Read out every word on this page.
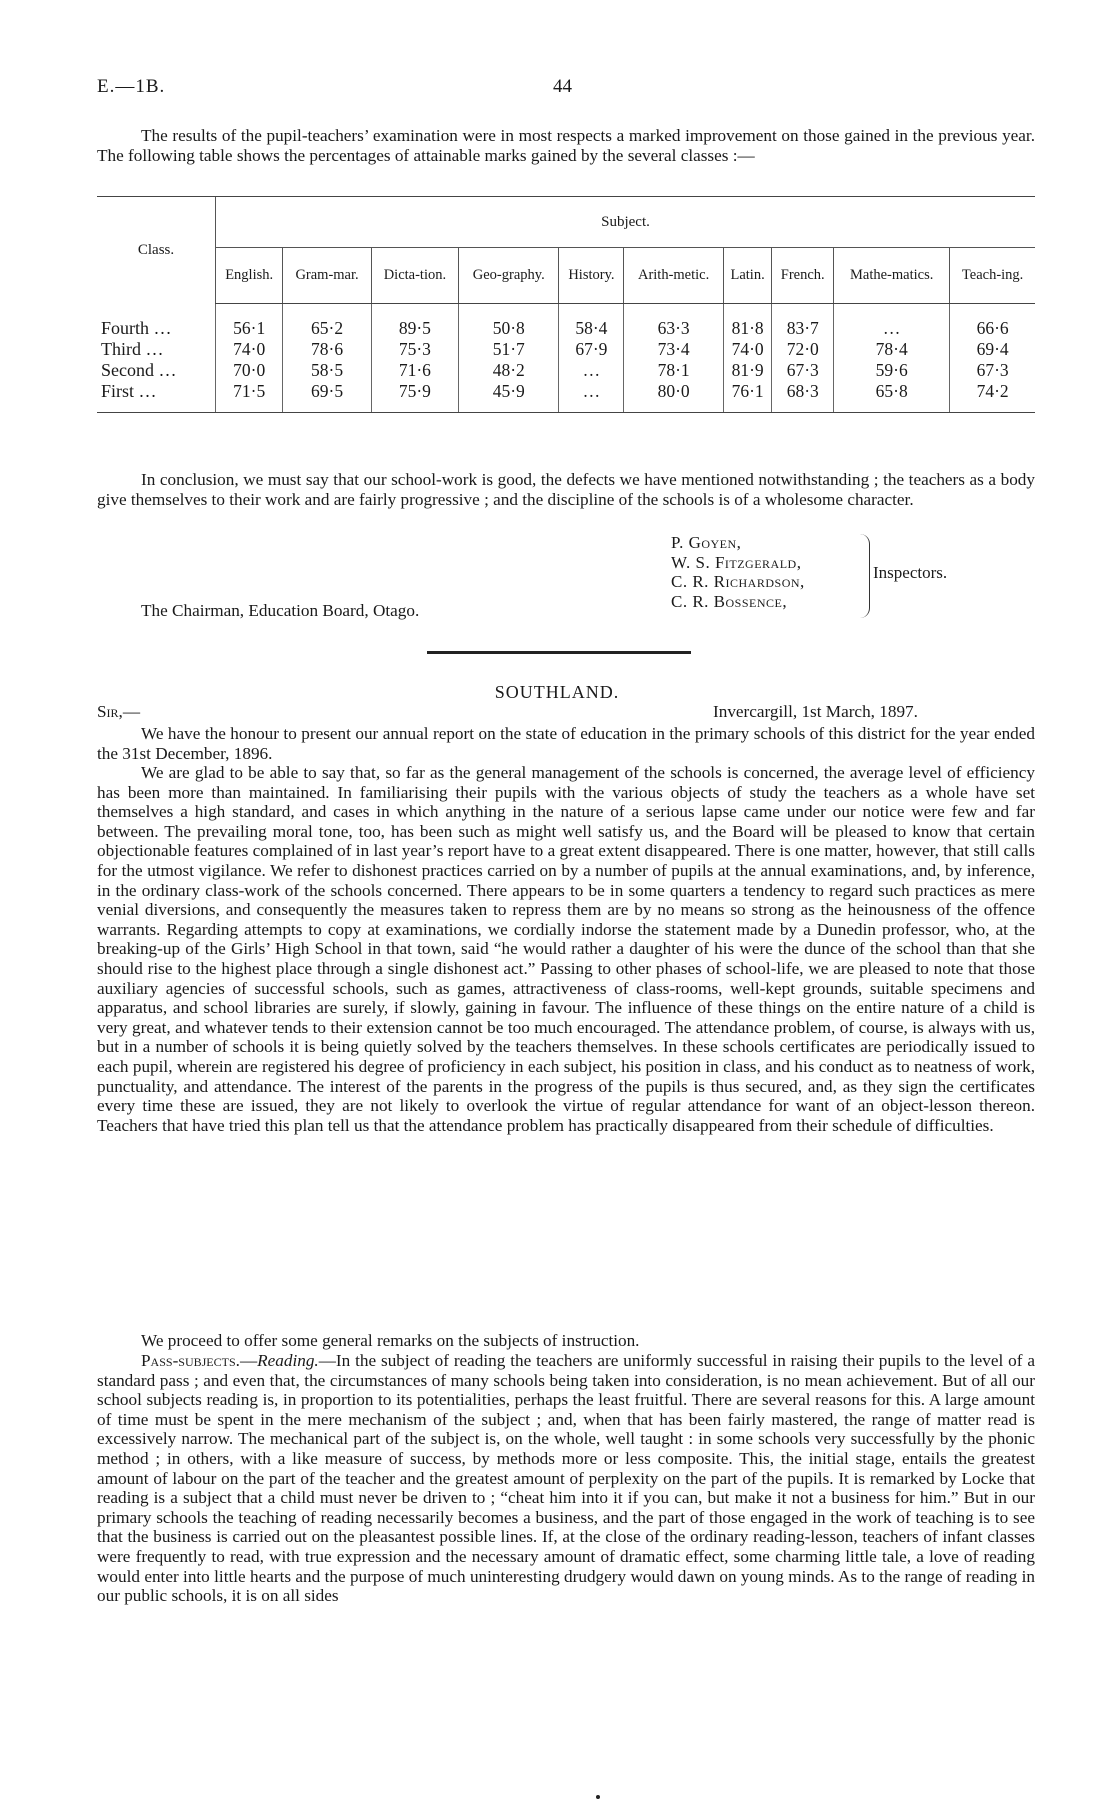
E.—1B.	44

The results of the pupil-teachers’ examination were in most respects a marked improvement on those gained in the previous year. The following table shows the percentages of attainable marks gained by the several classes :—

Class.	Subject.									
	English.	Gram-mar.	Dicta-tion.	Geo-graphy.	History.	Arith-metic.	Latin.	French.	Mathe-matics.	Teach-ing.
Fourth …	56·1	65·2	89·5	50·8	58·4	63·3	81·8	83·7	…	66·6
Third …	74·0	78·6	75·3	51·7	67·9	73·4	74·0	72·0	78·4	69·4
Second …	70·0	58·5	71·6	48·2	…	78·1	81·9	67·3	59·6	67·3
First …	71·5	69·5	75·9	45·9	…	80·0	76·1	68·3	65·8	74·2

In conclusion, we must say that our school-work is good, the defects we have mentioned notwithstanding ; the teachers as a body give themselves to their work and are fairly progressive ; and the discipline of the schools is of a wholesome character.

P. Goyen,
W. S. Fitzgerald,
C. R. Richardson,
C. R. Bossence,
Inspectors.
The Chairman, Education Board, Otago.
SOUTHLAND.
Sir,—	Invercargill, 1st March, 1897.

We have the honour to present our annual report on the state of education in the primary schools of this district for the year ended the 31st December, 1896.

We are glad to be able to say that, so far as the general management of the schools is concerned, the average level of efficiency has been more than maintained. In familiarising their pupils with the various objects of study the teachers as a whole have set themselves a high standard, and cases in which anything in the nature of a serious lapse came under our notice were few and far between. The prevailing moral tone, too, has been such as might well satisfy us, and the Board will be pleased to know that certain objectionable features complained of in last year’s report have to a great extent disappeared. There is one matter, however, that still calls for the utmost vigilance. We refer to dishonest practices carried on by a number of pupils at the annual examinations, and, by inference, in the ordinary class-work of the schools concerned. There appears to be in some quarters a tendency to regard such practices as mere venial diversions, and consequently the measures taken to repress them are by no means so strong as the heinousness of the offence warrants. Regarding attempts to copy at examinations, we cordially indorse the statement made by a Dunedin professor, who, at the breaking-up of the Girls’ High School in that town, said “he would rather a daughter of his were the dunce of the school than that she should rise to the highest place through a single dishonest act.” Passing to other phases of school-life, we are pleased to note that those auxiliary agencies of successful schools, such as games, attractiveness of class-rooms, well-kept grounds, suitable specimens and apparatus, and school libraries are surely, if slowly, gaining in favour. The influence of these things on the entire nature of a child is very great, and whatever tends to their extension cannot be too much encouraged. The attendance problem, of course, is always with us, but in a number of schools it is being quietly solved by the teachers themselves. In these schools certificates are periodically issued to each pupil, wherein are registered his degree of proficiency in each subject, his position in class, and his conduct as to neatness of work, punctuality, and attendance. The interest of the parents in the progress of the pupils is thus secured, and, as they sign the certificates every time these are issued, they are not likely to overlook the virtue of regular attendance for want of an object-lesson thereon. Teachers that have tried this plan tell us that the attendance problem has practically disappeared from their schedule of difficulties.

We proceed to offer some general remarks on the subjects of instruction.

Pass-subjects.—Reading.—In the subject of reading the teachers are uniformly successful in raising their pupils to the level of a standard pass ; and even that, the circumstances of many schools being taken into consideration, is no mean achievement. But of all our school subjects reading is, in proportion to its potentialities, perhaps the least fruitful. There are several reasons for this. A large amount of time must be spent in the mere mechanism of the subject ; and, when that has been fairly mastered, the range of matter read is excessively narrow. The mechanical part of the subject is, on the whole, well taught : in some schools very successfully by the phonic method ; in others, with a like measure of success, by methods more or less composite. This, the initial stage, entails the greatest amount of labour on the part of the teacher and the greatest amount of perplexity on the part of the pupils. It is remarked by Locke that reading is a subject that a child must never be driven to ; “cheat him into it if you can, but make it not a business for him.” But in our primary schools the teaching of reading necessarily becomes a business, and the part of those engaged in the work of teaching is to see that the business is carried out on the pleasantest possible lines. If, at the close of the ordinary reading-lesson, teachers of infant classes were frequently to read, with true expression and the necessary amount of dramatic effect, some charming little tale, a love of reading would enter into little hearts and the purpose of much uninteresting drudgery would dawn on young minds. As to the range of reading in our public schools, it is on all sides
